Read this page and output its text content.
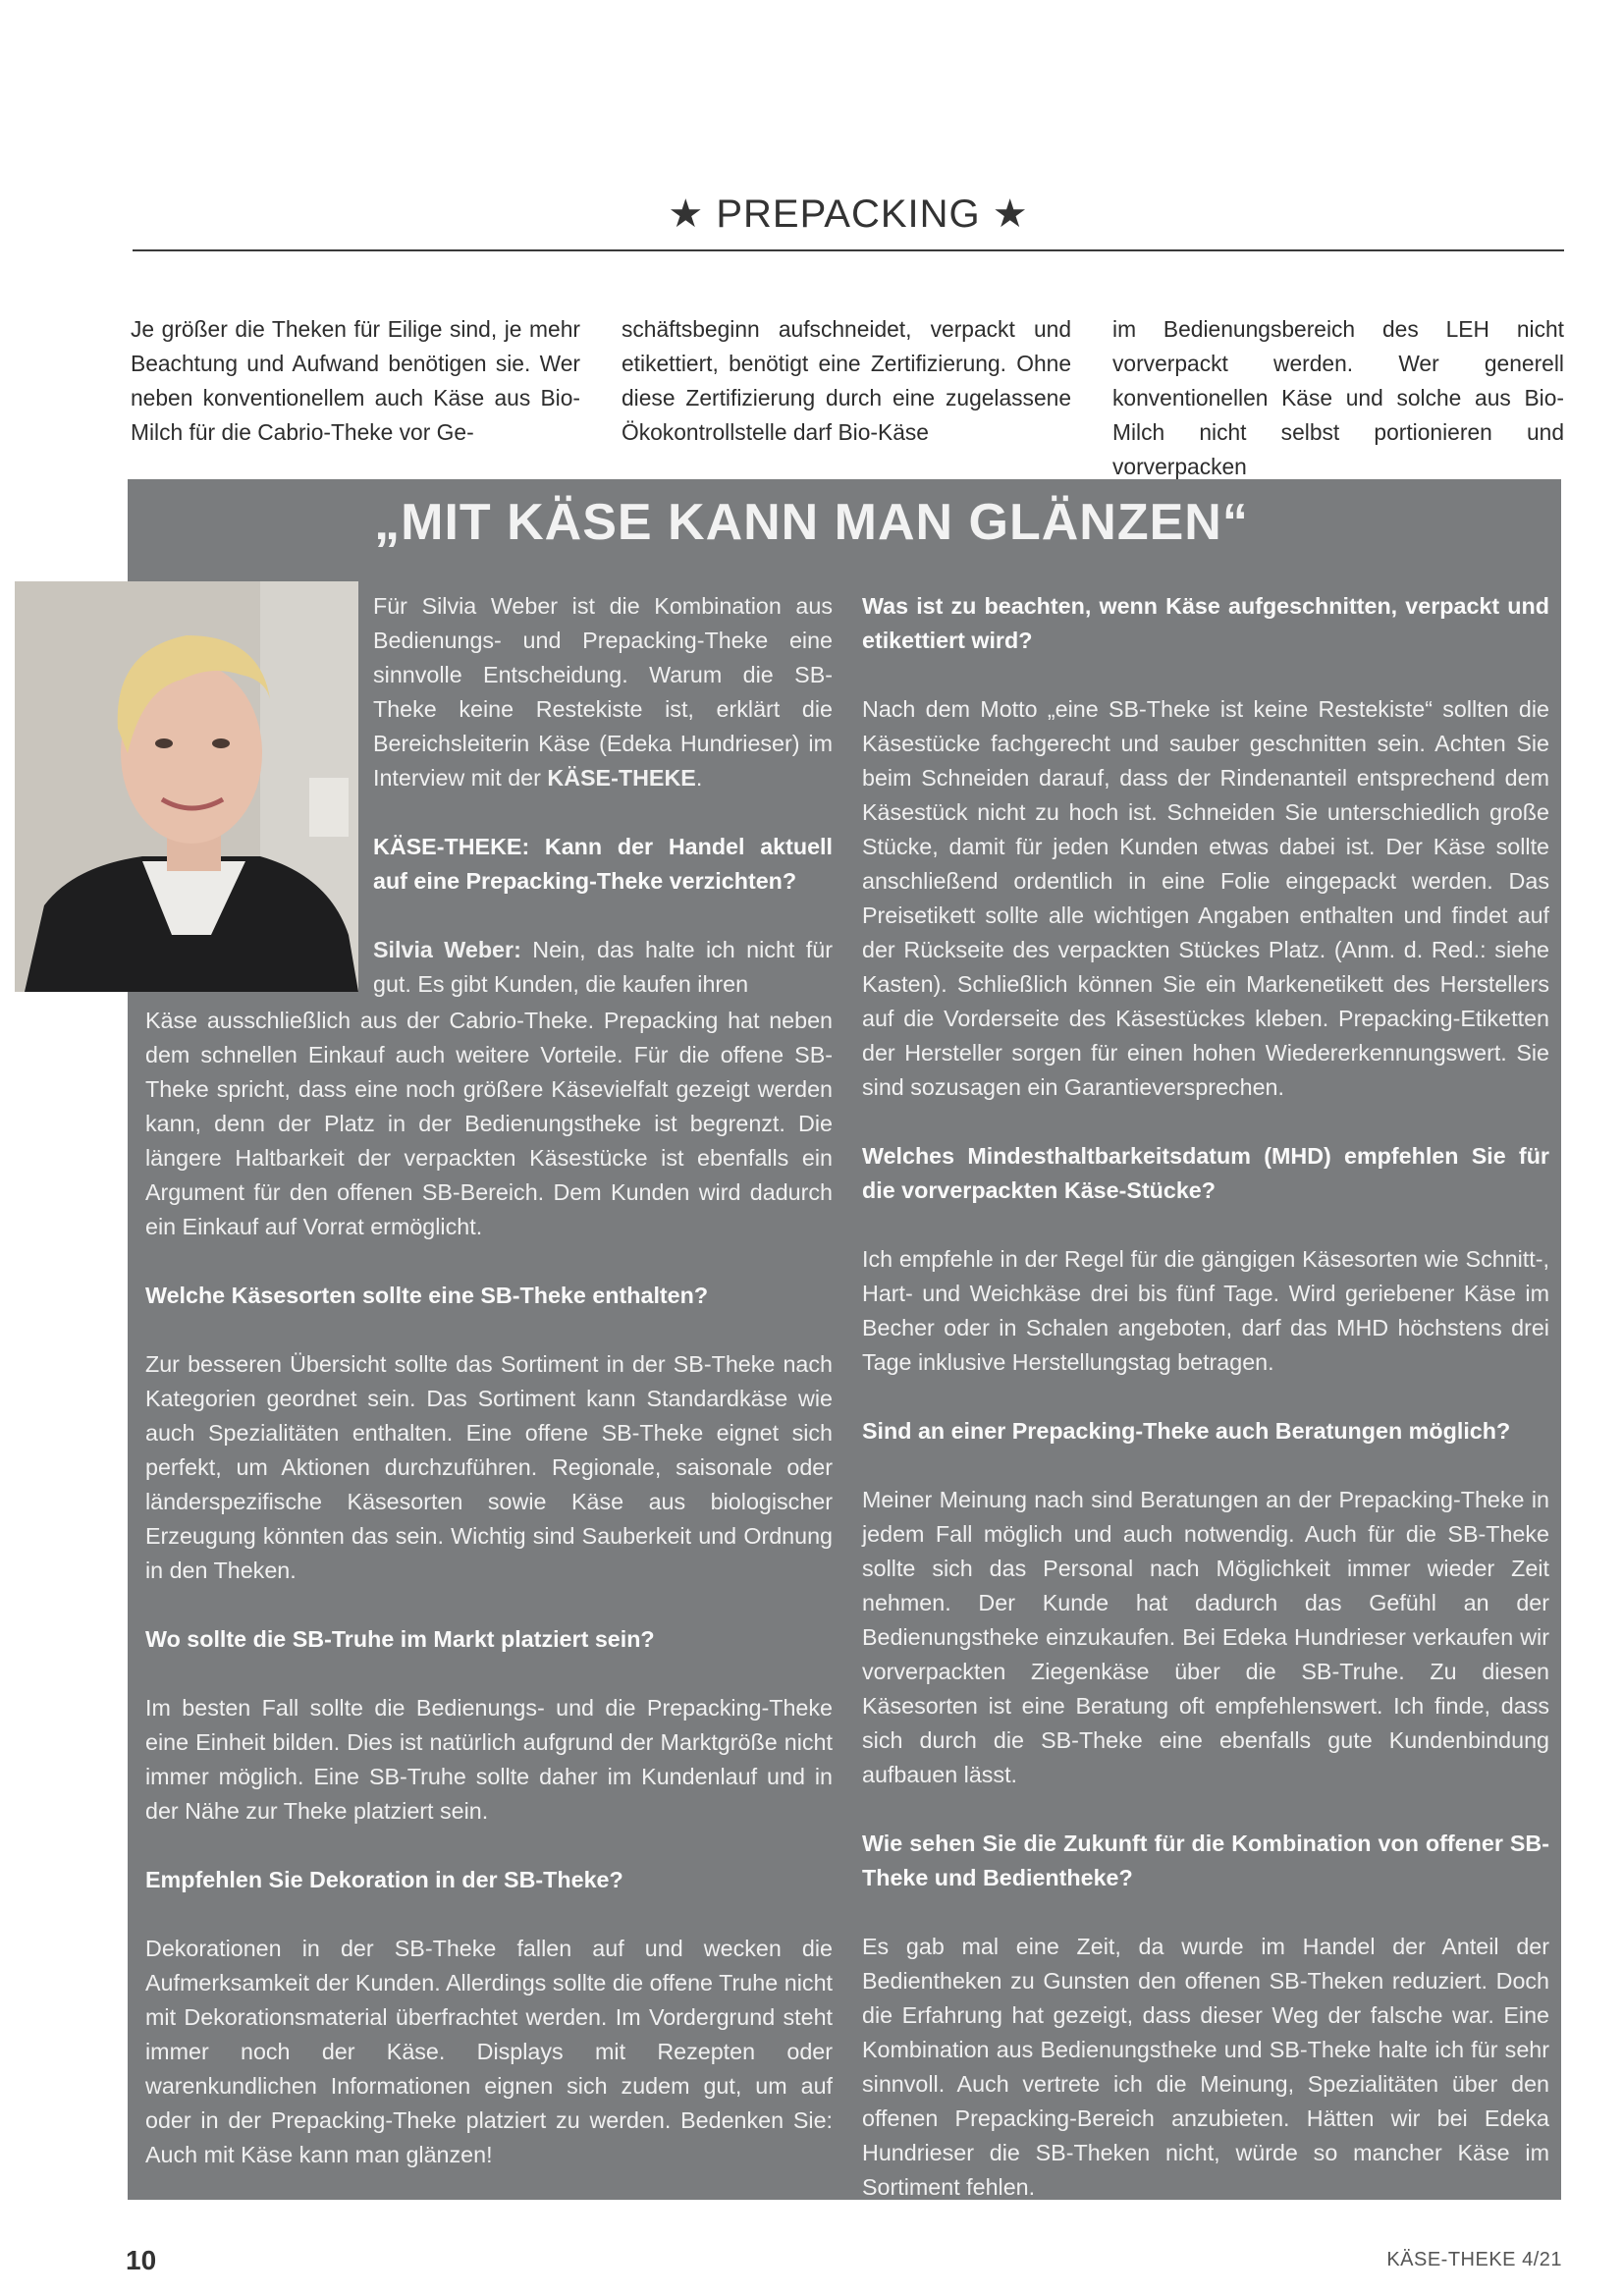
★ PREPACKING ★
Je größer die Theken für Eilige sind, je mehr Beachtung und Aufwand benötigen sie. Wer neben konventionellem auch Käse aus Bio-Milch für die Cabrio-Theke vor Ge-
schäftsbeginn aufschneidet, verpackt und etikettiert, benötigt eine Zertifizierung. Ohne diese Zertifizierung durch eine zugelassene Ökokontrollstelle darf Bio-Käse
im Bedienungsbereich des LEH nicht vorverpackt werden. Wer generell konventionellen Käse und solche aus Bio-Milch nicht selbst portionieren und vorverpacken
„MIT KÄSE KANN MAN GLÄNZEN“

Für Silvia Weber ist die Kombination aus Bedienungs- und Prepacking-Theke eine sinnvolle Entscheidung. Warum die SB-Theke keine Restekiste ist, erklärt die Bereichsleiterin Käse (Edeka Hundrieser) im Interview mit der KÄSE-THEKE.

KÄSE-THEKE: Kann der Handel aktuell auf eine Prepacking-Theke verzichten?

Silvia Weber: Nein, das halte ich nicht für gut. Es gibt Kunden, die kaufen ihren

Käse ausschließlich aus der Cabrio-Theke. Prepacking hat neben dem schnellen Einkauf auch weitere Vorteile. Für die offene SB-Theke spricht, dass eine noch größere Käsevielfalt gezeigt werden kann, denn der Platz in der Bedienungstheke ist begrenzt. Die längere Haltbarkeit der verpackten Käsestücke ist ebenfalls ein Argument für den offenen SB-Bereich. Dem Kunden wird dadurch ein Einkauf auf Vorrat ermöglicht.

Welche Käsesorten sollte eine SB-Theke enthalten?

Zur besseren Übersicht sollte das Sortiment in der SB-Theke nach Kategorien geordnet sein. Das Sortiment kann Standardkäse wie auch Spezialitäten enthalten. Eine offene SB-Theke eignet sich perfekt, um Aktionen durchzuführen. Regionale, saisonale oder länderspezifische Käsesorten sowie Käse aus biologischer Erzeugung könnten das sein. Wichtig sind Sauberkeit und Ordnung in den Theken.

Wo sollte die SB-Truhe im Markt platziert sein?

Im besten Fall sollte die Bedienungs- und die Prepacking-Theke eine Einheit bilden. Dies ist natürlich aufgrund der Marktgröße nicht immer möglich. Eine SB-Truhe sollte daher im Kundenlauf und in der Nähe zur Theke platziert sein.

Empfehlen Sie Dekoration in der SB-Theke?

Dekorationen in der SB-Theke fallen auf und wecken die Aufmerksamkeit der Kunden. Allerdings sollte die offene Truhe nicht mit Dekorationsmaterial überfrachtet werden. Im Vordergrund steht immer noch der Käse. Displays mit Rezepten oder warenkundlichen Informationen eignen sich zudem gut, um auf oder in der Prepacking-Theke platziert zu werden. Bedenken Sie: Auch mit Käse kann man glänzen!

Was ist zu beachten, wenn Käse aufgeschnitten, verpackt und etikettiert wird?

Nach dem Motto „eine SB-Theke ist keine Restekiste“ sollten die Käsestücke fachgerecht und sauber geschnitten sein. Achten Sie beim Schneiden darauf, dass der Rindenanteil entsprechend dem Käsestück nicht zu hoch ist. Schneiden Sie unterschiedlich große Stücke, damit für jeden Kunden etwas dabei ist. Der Käse sollte anschließend ordentlich in eine Folie eingepackt werden. Das Preisetikett sollte alle wichtigen Angaben enthalten und findet auf der Rückseite des verpackten Stückes Platz. (Anm. d. Red.: siehe Kasten). Schließlich können Sie ein Markenetikett des Herstellers auf die Vorderseite des Käsestückes kleben. Prepacking-Etiketten der Hersteller sorgen für einen hohen Wiedererkennungswert. Sie sind sozusagen ein Garantieversprechen.

Welches Mindesthaltbarkeitsdatum (MHD) empfehlen Sie für die vorverpackten Käse-Stücke?

Ich empfehle in der Regel für die gängigen Käsesorten wie Schnitt-, Hart- und Weichkäse drei bis fünf Tage. Wird geriebener Käse im Becher oder in Schalen angeboten, darf das MHD höchstens drei Tage inklusive Herstellungstag betragen.

Sind an einer Prepacking-Theke auch Beratungen möglich?

Meiner Meinung nach sind Beratungen an der Prepacking-Theke in jedem Fall möglich und auch notwendig. Auch für die SB-Theke sollte sich das Personal nach Möglichkeit immer wieder Zeit nehmen. Der Kunde hat dadurch das Gefühl an der Bedienungstheke einzukaufen. Bei Edeka Hundrieser verkaufen wir vorverpackten Ziegenkäse über die SB-Truhe. Zu diesen Käsesorten ist eine Beratung oft empfehlenswert. Ich finde, dass sich durch die SB-Theke eine ebenfalls gute Kundenbindung aufbauen lässt.

Wie sehen Sie die Zukunft für die Kombination von offener SB-Theke und Bedientheke?

Es gab mal eine Zeit, da wurde im Handel der Anteil der Bedientheken zu Gunsten den offenen SB-Theken reduziert. Doch die Erfahrung hat gezeigt, dass dieser Weg der falsche war. Eine Kombination aus Bedienungstheke und SB-Theke halte ich für sehr sinnvoll. Auch vertrete ich die Meinung, Spezialitäten über den offenen Prepacking-Bereich anzubieten. Hätten wir bei Edeka Hundrieser die SB-Theken nicht, würde so mancher Käse im Sortiment fehlen.

10	KÄSE-THEKE 4/21
